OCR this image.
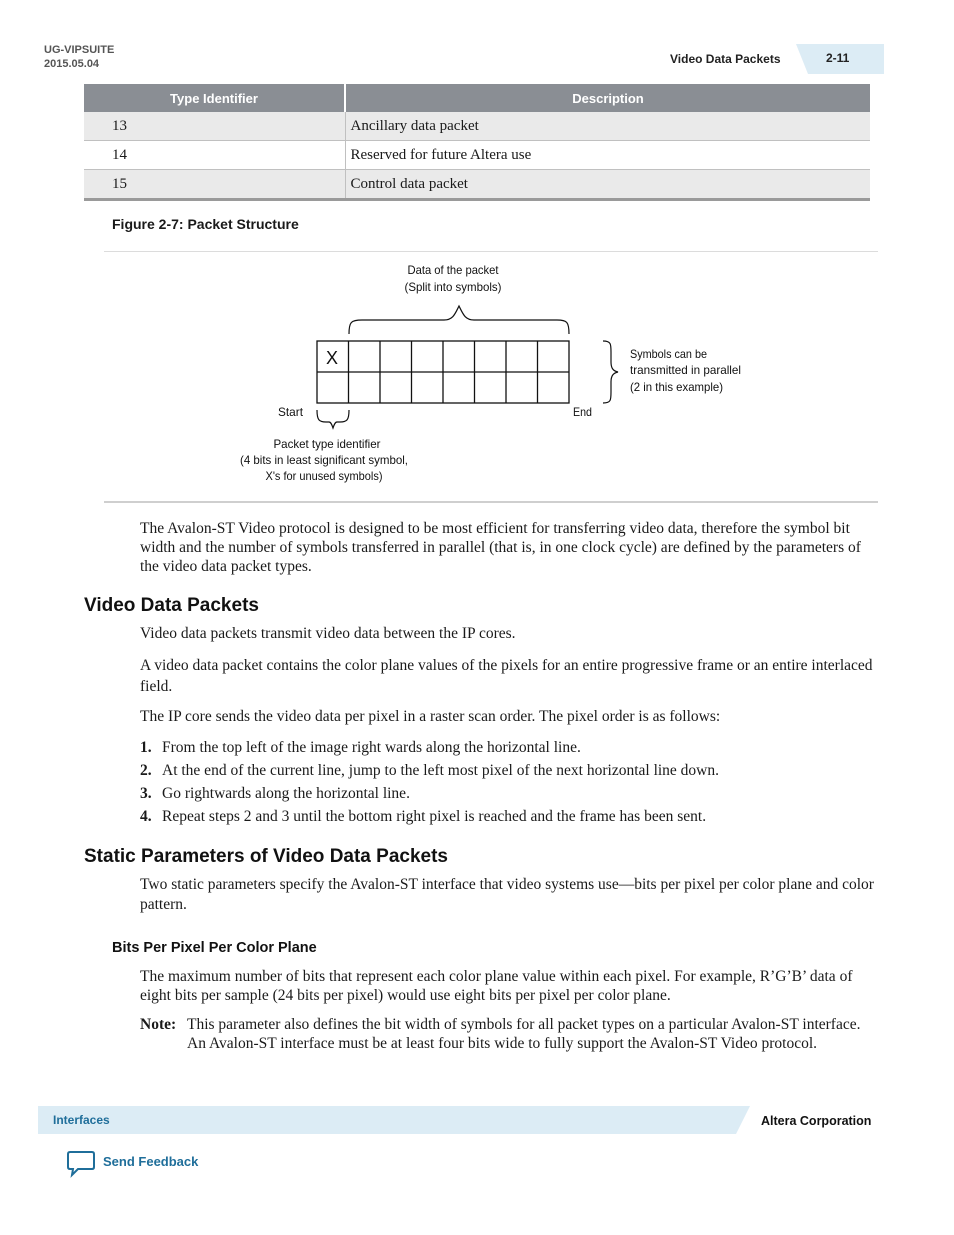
UG-VIPSUITE
2015.05.04	Video Data Packets	2-11
Type Identifier	Description
13	Ancillary data packet
14	Reserved for future Altera use
15	Control data packet
Figure 2-7: Packet Structure
Data of the packet
(Split into symbols)
Symbols can be
transmitted in parallel
(2 in this example)
Start	End
Packet type identifier
(4 bits in least significant symbol,
X's for unused symbols)
X
The Avalon-ST Video protocol is designed to be most efficient for transferring video data, therefore the symbol bit width and the number of symbols transferred in parallel (that is, in one clock cycle) are defined by the parameters of the video data packet types.
Video Data Packets
Video data packets transmit video data between the IP cores.
A video data packet contains the color plane values of the pixels for an entire progressive frame or an entire interlaced field.
The IP core sends the video data per pixel in a raster scan order. The pixel order is as follows:
1. From the top left of the image right wards along the horizontal line.
2. At the end of the current line, jump to the left most pixel of the next horizontal line down.
3. Go rightwards along the horizontal line.
4. Repeat steps 2 and 3 until the bottom right pixel is reached and the frame has been sent.
Static Parameters of Video Data Packets
Two static parameters specify the Avalon-ST interface that video systems use—bits per pixel per color plane and color pattern.
Bits Per Pixel Per Color Plane
The maximum number of bits that represent each color plane value within each pixel. For example, R’G’B’ data of eight bits per sample (24 bits per pixel) would use eight bits per pixel per color plane.
Note: This parameter also defines the bit width of symbols for all packet types on a particular Avalon-ST interface. An Avalon-ST interface must be at least four bits wide to fully support the Avalon-ST Video protocol.
Interfaces	Altera Corporation
Send Feedback
